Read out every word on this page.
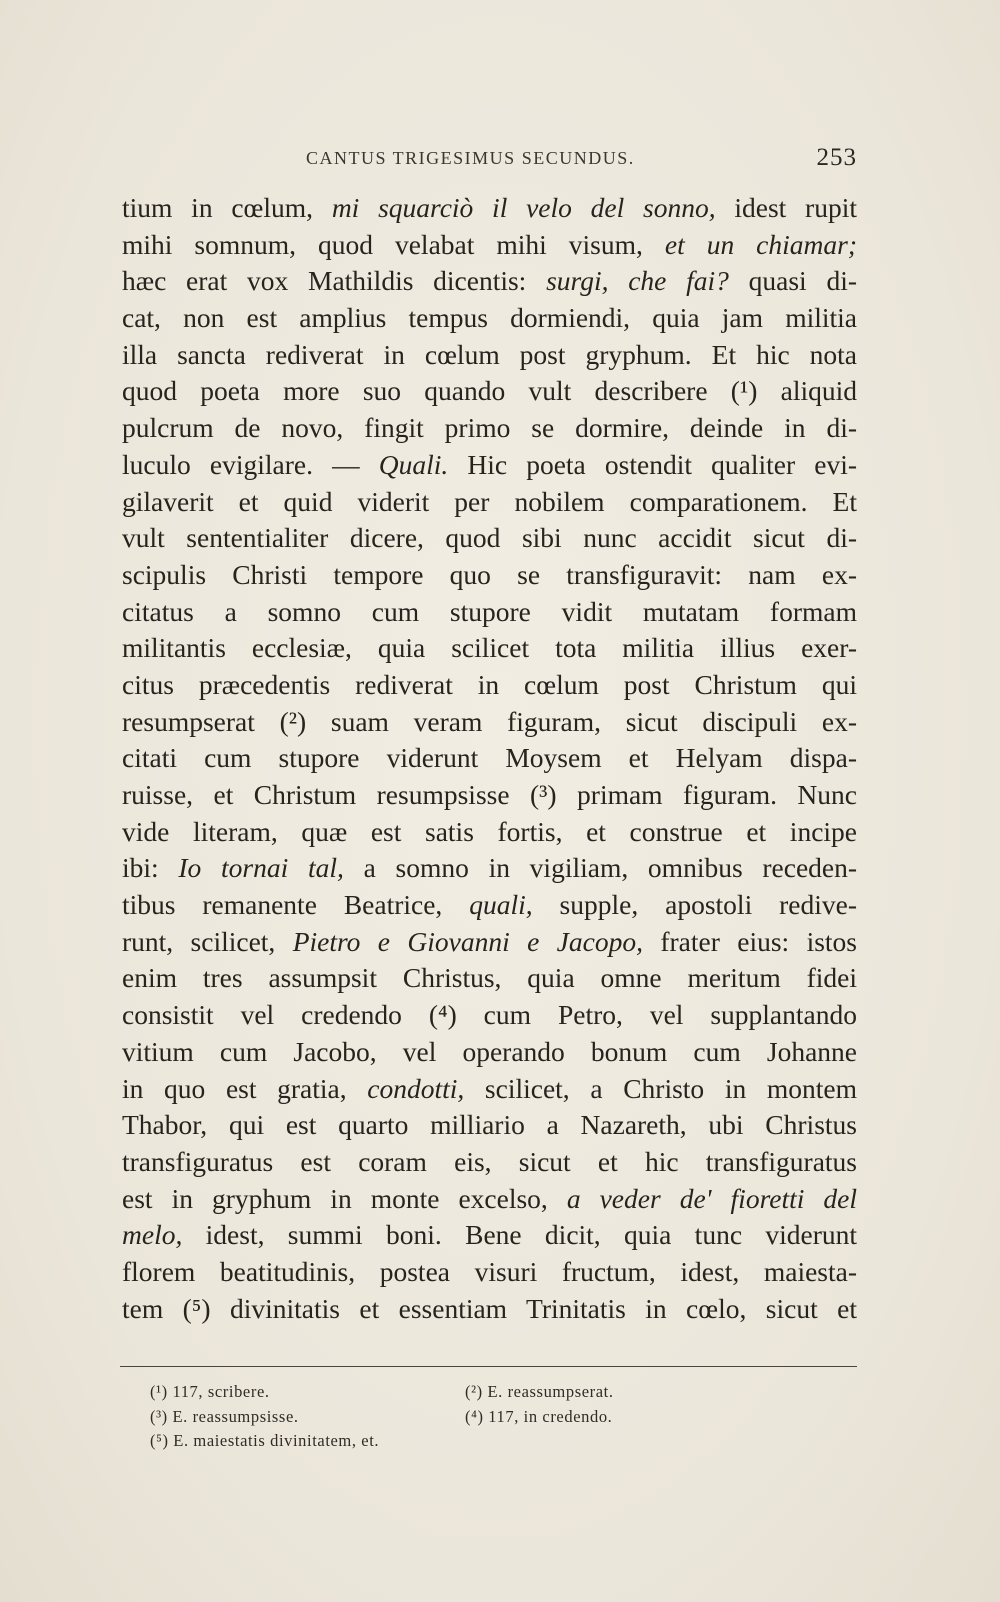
CANTUS TRIGESIMUS SECUNDUS.	253
tium in cœlum, mi squarciò il velo del sonno, idest rupit
mihi somnum, quod velabat mihi visum, et un chiamar;
hæc erat vox Mathildis dicentis: surgi, che fai? quasi di-
cat, non est amplius tempus dormiendi, quia jam militia
illa sancta rediverat in cœlum post gryphum. Et hic nota
quod poeta more suo quando vult describere (¹) aliquid
pulcrum de novo, fingit primo se dormire, deinde in di-
luculo evigilare. — Quali. Hic poeta ostendit qualiter evi-
gilaverit et quid viderit per nobilem comparationem. Et
vult sententialiter dicere, quod sibi nunc accidit sicut di-
scipulis Christi tempore quo se transfiguravit: nam ex-
citatus a somno cum stupore vidit mutatam formam
militantis ecclesiæ, quia scilicet tota militia illius exer-
citus præcedentis rediverat in cœlum post Christum qui
resumpserat (²) suam veram figuram, sicut discipuli ex-
citati cum stupore viderunt Moysem et Helyam dispa-
ruisse, et Christum resumpsisse (³) primam figuram. Nunc
vide literam, quæ est satis fortis, et construe et incipe
ibi: Io tornai tal, a somno in vigiliam, omnibus receden-
tibus remanente Beatrice, quali, supple, apostoli redive-
runt, scilicet, Pietro e Giovanni e Jacopo, frater eius: istos
enim tres assumpsit Christus, quia omne meritum fidei
consistit vel credendo (⁴) cum Petro, vel supplantando
vitium cum Jacobo, vel operando bonum cum Johanne
in quo est gratia, condotti, scilicet, a Christo in montem
Thabor, qui est quarto milliario a Nazareth, ubi Christus
transfiguratus est coram eis, sicut et hic transfiguratus
est in gryphum in monte excelso, a veder de' fioretti del
melo, idest, summi boni. Bene dicit, quia tunc viderunt
florem beatitudinis, postea visuri fructum, idest, maiesta-
tem (⁵) divinitatis et essentiam Trinitatis in cœlo, sicut et
(¹) 117, scribere.	(²) E. reassumpserat.
(³) E. reassumpsisse.	(⁴) 117, in credendo.
(⁵) E. maiestatis divinitatem, et.
